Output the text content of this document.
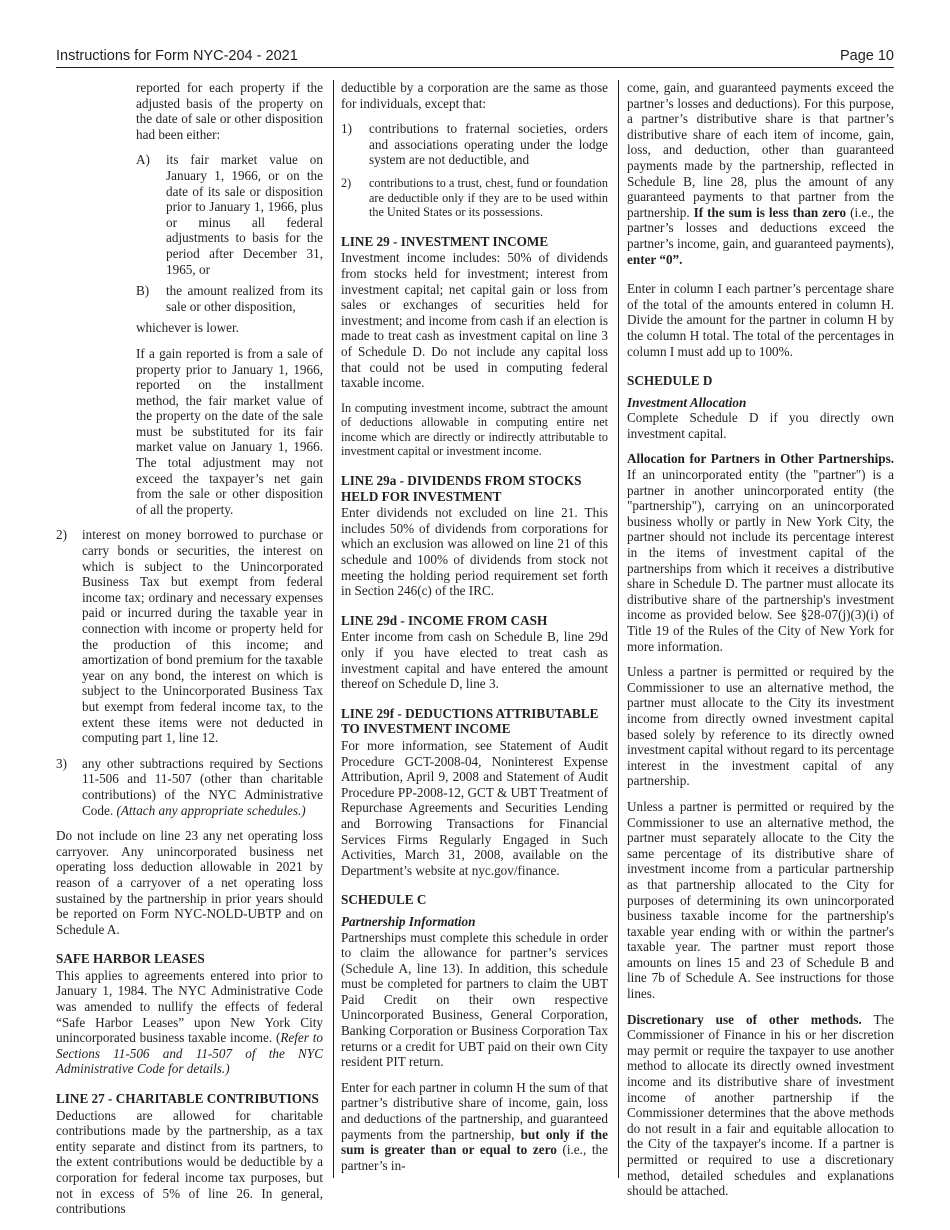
Instructions for Form NYC-204 - 2021	Page 10

reported for each property if the adjusted basis of the property on the date of sale or other disposition had been either:

A)	its fair market value on January 1, 1966, or on the date of its sale or disposition prior to January 1, 1966, plus or minus all federal adjustments to basis for the period after December 31, 1965, or
B)	the amount realized from its sale or other disposition,

whichever is lower.

If a gain reported is from a sale of property prior to January 1, 1966, reported on the installment method, the fair market value of the property on the date of the sale must be substituted for its fair market value on January 1, 1966. The total adjustment may not exceed the taxpayer’s net gain from the sale or other disposition of all the property.

2)	interest on money borrowed to purchase or carry bonds or securities, the interest on which is subject to the Unincorporated Business Tax but exempt from federal income tax; ordinary and necessary expenses paid or incurred during the taxable year in connection with income or property held for the production of this income; and amortization of bond premium for the taxable year on any bond, the interest on which is subject to the Unincorporated Business Tax but exempt from federal income tax, to the extent these items were not deducted in computing part 1, line 12.
3)	any other subtractions required by Sections 11-506 and 11-507 (other than charitable contributions) of the NYC Administrative Code. (Attach any appropriate schedules.)

Do not include on line 23 any net operating loss carryover. Any unincorporated business net operating loss deduction allowable in 2021 by reason of a carryover of a net operating loss sustained by the partnership in prior years should be reported on Form NYC-NOLD-UBTP and on Schedule A.

SAFE HARBOR LEASES

This applies to agreements entered into prior to January 1, 1984. The NYC Administrative Code was amended to nullify the effects of federal “Safe Harbor Leases” upon New York City unincorporated business taxable income. (Refer to Sections 11-506 and 11-507 of the NYC Administrative Code for details.)

LINE 27 - CHARITABLE CONTRIBUTIONS

Deductions are allowed for charitable contributions made by the partnership, as a tax entity separate and distinct from its partners, to the extent contributions would be deductible by a corporation for federal income tax purposes, but not in excess of 5% of line 26. In general, contributions

deductible by a corporation are the same as those for individuals, except that:

1)	contributions to fraternal societies, orders and associations operating under the lodge system are not deductible, and
2)	contributions to a trust, chest, fund or foundation are deductible only if they are to be used within the United States or its possessions.
LINE 29 - INVESTMENT INCOME

Investment income includes: 50% of dividends from stocks held for investment; interest from investment capital; net capital gain or loss from sales or exchanges of securities held for investment; and income from cash if an election is made to treat cash as investment capital on line 3 of Schedule D. Do not include any capital loss that could not be used in computing federal taxable income.

In computing investment income, subtract the amount of deductions allowable in computing entire net income which are directly or indirectly attributable to investment capital or investment income.

LINE 29a - DIVIDENDS FROM STOCKS HELD FOR INVESTMENT

Enter dividends not excluded on line 21. This includes 50% of dividends from corporations for which an exclusion was allowed on line 21 of this schedule and 100% of dividends from stock not meeting the holding period requirement set forth in Section 246(c) of the IRC.

LINE 29d - INCOME FROM CASH

Enter income from cash on Schedule B, line 29d only if you have elected to treat cash as investment capital and have entered the amount thereof on Schedule D, line 3.

LINE 29f - DEDUCTIONS ATTRIBUTABLE TO INVESTMENT INCOME

For more information, see Statement of Audit Procedure GCT-2008-04, Noninterest Expense Attribution, April 9, 2008 and Statement of Audit Procedure PP-2008-12, GCT & UBT Treatment of Repurchase Agreements and Securities Lending and Borrowing Transactions for Financial Services Firms Regularly Engaged in Such Activities, March 31, 2008, available on the Department’s website at nyc.gov/finance.

SCHEDULE C
Partnership Information

Partnerships must complete this schedule in order to claim the allowance for partner’s services (Schedule A, line 13). In addition, this schedule must be completed for partners to claim the UBT Paid Credit on their own respective Unincorporated Business, General Corporation, Banking Corporation or Business Corporation Tax returns or a credit for UBT paid on their own City resident PIT return.

Enter for each partner in column H the sum of that partner’s distributive share of income, gain, loss and deductions of the partnership, and guaranteed payments from the partnership, but only if the sum is greater than or equal to zero (i.e., the partner’s in-

come, gain, and guaranteed payments exceed the partner’s losses and deductions). For this purpose, a partner’s distributive share is that partner’s distributive share of each item of income, gain, loss, and deduction, other than guaranteed payments made by the partnership, reflected in Schedule B, line 28, plus the amount of any guaranteed payments to that partner from the partnership. If the sum is less than zero (i.e., the partner’s losses and deductions exceed the partner’s income, gain, and guaranteed payments), enter “0”.

Enter in column I each partner’s percentage share of the total of the amounts entered in column H. Divide the amount for the partner in column H by the column H total. The total of the percentages in column I must add up to 100%.

SCHEDULE D
Investment Allocation

Complete Schedule D if you directly own investment capital.

Allocation for Partners in Other Partnerships. If an unincorporated entity (the "partner") is a partner in another unincorporated entity (the "partnership"), carrying on an unincorporated business wholly or partly in New York City, the partner should not include its percentage interest in the items of investment capital of the partnerships from which it receives a distributive share in Schedule D. The partner must allocate its distributive share of the partnership's investment income as provided below. See §28-07(j)(3)(i) of Title 19 of the Rules of the City of New York for more information.

Unless a partner is permitted or required by the Commissioner to use an alternative method, the partner must allocate to the City its investment income from directly owned investment capital based solely by reference to its directly owned investment capital without regard to its percentage interest in the investment capital of any partnership.

Unless a partner is permitted or required by the Commissioner to use an alternative method, the partner must separately allocate to the City the same percentage of its distributive share of investment income from a particular partnership as that partnership allocated to the City for purposes of determining its own unincorporated business taxable income for the partnership's taxable year ending with or within the partner's taxable year. The partner must report those amounts on lines 15 and 23 of Schedule B and line 7b of Schedule A. See instructions for those lines.

Discretionary use of other methods. The Commissioner of Finance in his or her discretion may permit or require the taxpayer to use another method to allocate its directly owned investment income and its distributive share of investment income of another partnership if the Commissioner determines that the above methods do not result in a fair and equitable allocation to the City of the taxpayer's income. If a partner is permitted or required to use a discretionary method, detailed schedules and explanations should be attached.
